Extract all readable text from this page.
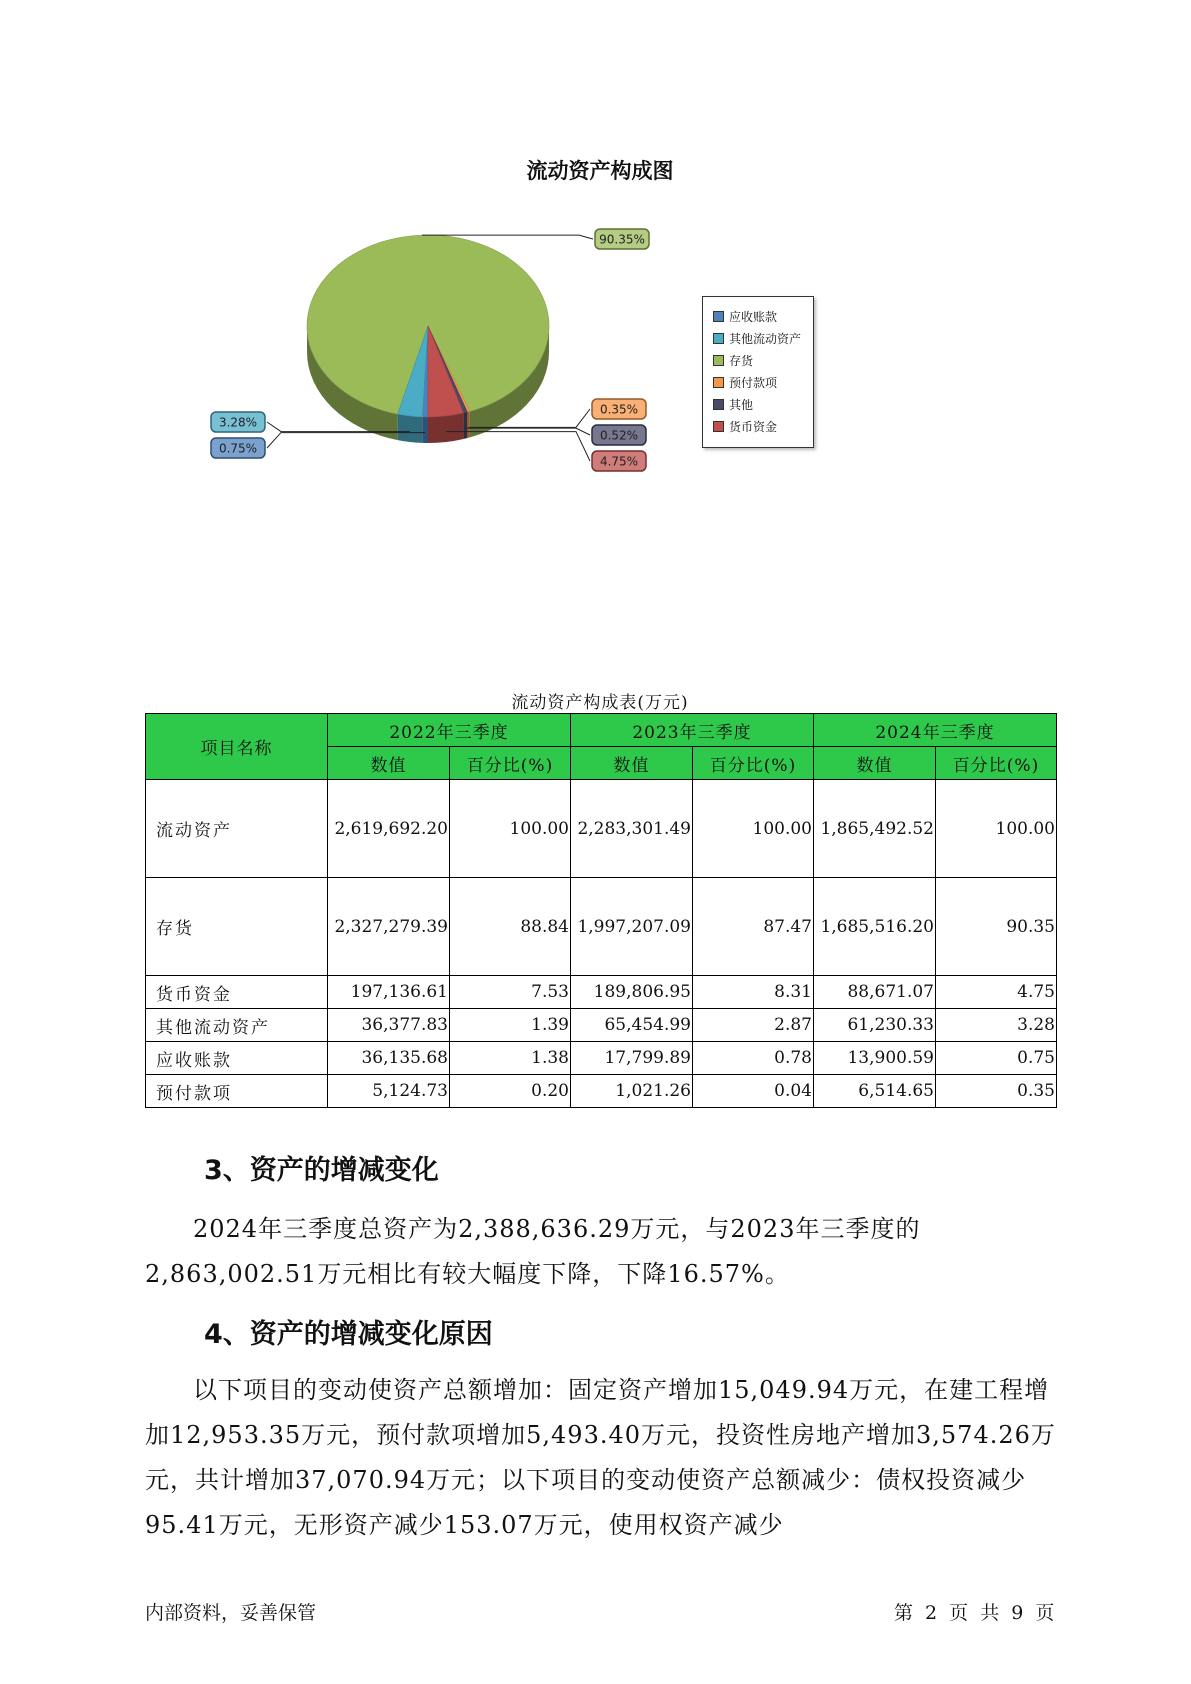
流动资产构成图
0.75%
3.28%
90.35%
0.35%
0.52%
4.75%
应收账款
其他流动资产
存货
预付款项
其他
货币资金
流动资产构成表(万元)
项目名称	2022年三季度		2023年三季度		2024年三季度	
	数值	百分比(%)	数值	百分比(%)	数值	百分比(%)
流动资产	2,619,692.20	100.00	2,283,301.49	100.00	1,865,492.52	100.00
存货	2,327,279.39	88.84	1,997,207.09	87.47	1,685,516.20	90.35
货币资金	197,136.61	7.53	189,806.95	8.31	88,671.07	4.75
其他流动资产	36,377.83	1.39	65,454.99	2.87	61,230.33	3.28
应收账款	36,135.68	1.38	17,799.89	0.78	13,900.59	0.75
预付款项	5,124.73	0.20	1,021.26	0.04	6,514.65	0.35
3、资产的增减变化

2024年三季度总资产为2,388,636.29万元，与2023年三季度的2,863,002.51万元相比有较大幅度下降，下降16.57%。

4、资产的增减变化原因

以下项目的变动使资产总额增加：固定资产增加15,049.94万元，在建工程增加12,953.35万元，预付款项增加5,493.40万元，投资性房地产增加3,574.26万元，共计增加37,070.94万元；以下项目的变动使资产总额减少：债权投资减少95.41万元，无形资产减少153.07万元，使用权资产减少

内部资料，妥善保管	第 2 页 共 9 页
